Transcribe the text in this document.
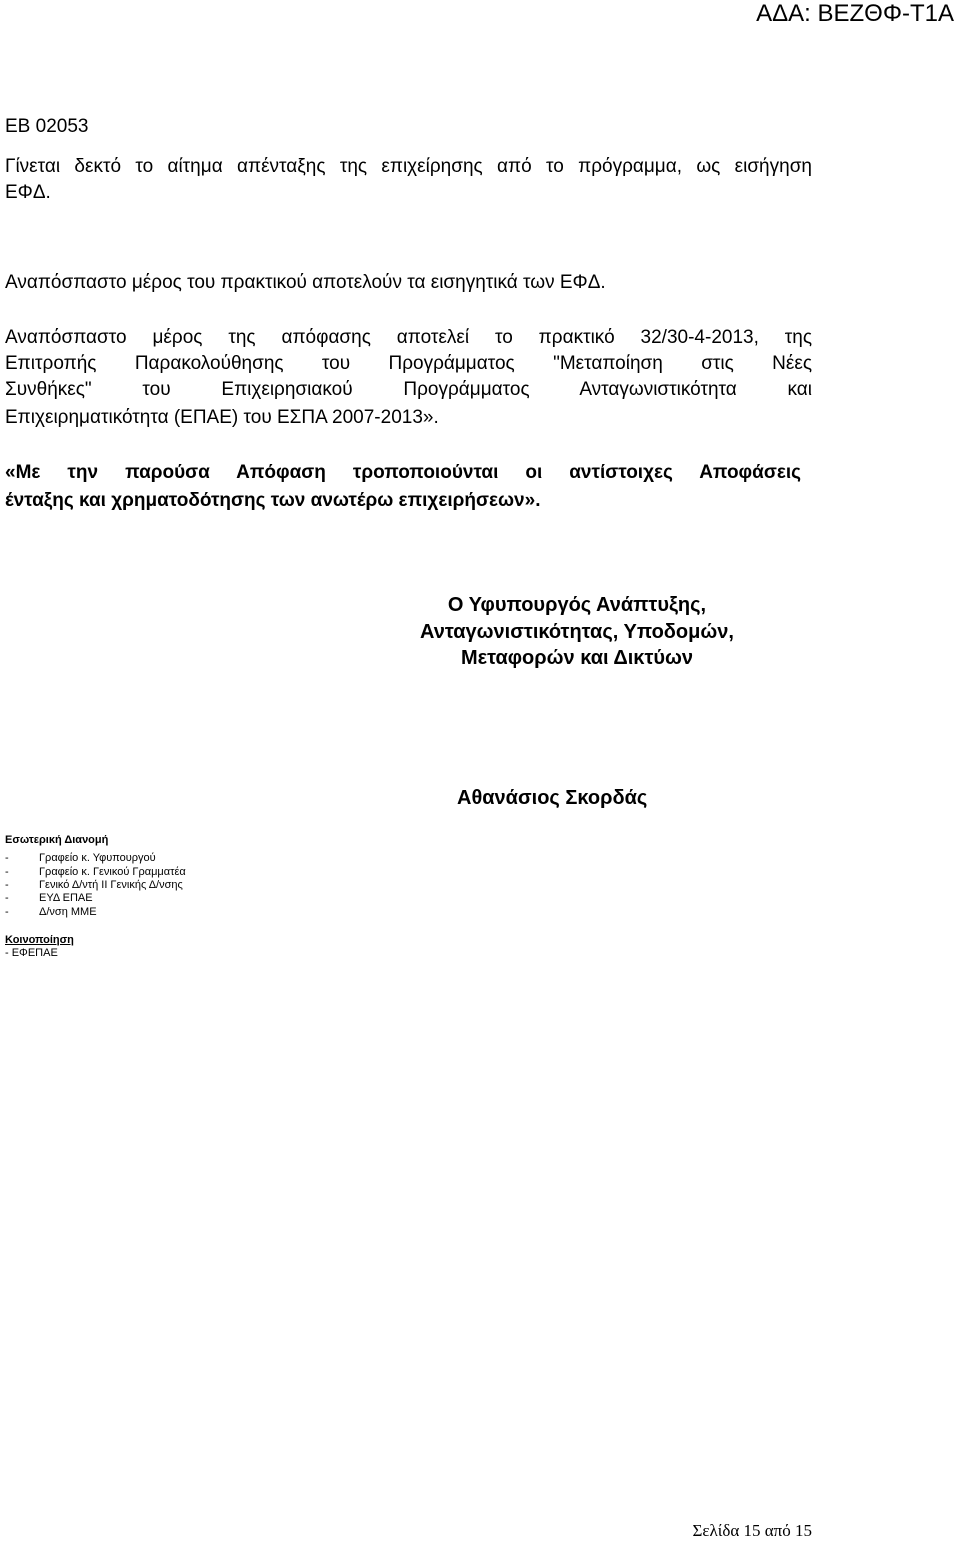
ΑΔΑ: ΒΕΖΘΦ-Τ1Α
ΕΒ 02053
Γίνεται δεκτό το αίτημα απένταξης της επιχείρησης από το πρόγραμμα, ως εισήγηση
ΕΦΔ.
Αναπόσπαστο μέρος του πρακτικού αποτελούν τα εισηγητικά των ΕΦΔ.
Αναπόσπαστο μέρος της απόφασης αποτελεί το πρακτικό 32/30-4-2013, της
Επιτροπής Παρακολούθησης του Προγράμματος "Μεταποίηση στις Νέες
Συνθήκες" του Επιχειρησιακού Προγράμματος Ανταγωνιστικότητα και
Επιχειρηματικότητα (ΕΠΑΕ) του ΕΣΠΑ 2007-2013».
«Με την παρούσα Απόφαση τροποποιούνται οι αντίστοιχες Αποφάσεις
ένταξης και χρηματοδότησης των ανωτέρω επιχειρήσεων».
Ο Υφυπουργός Ανάπτυξης,
Ανταγωνιστικότητας, Υποδομών,
Μεταφορών και Δικτύων
Αθανάσιος Σκορδάς
Εσωτερική Διανομή
-	Γραφείο κ. Υφυπουργού
-	Γραφείο κ. Γενικού Γραμματέα
-	Γενικό Δ/ντή ΙΙ Γενικής Δ/νσης
-	ΕΥΔ ΕΠΑΕ
-	Δ/νση ΜΜΕ
Κοινοποίηση
- ΕΦΕΠΑΕ
Σελίδα 15 από 15
